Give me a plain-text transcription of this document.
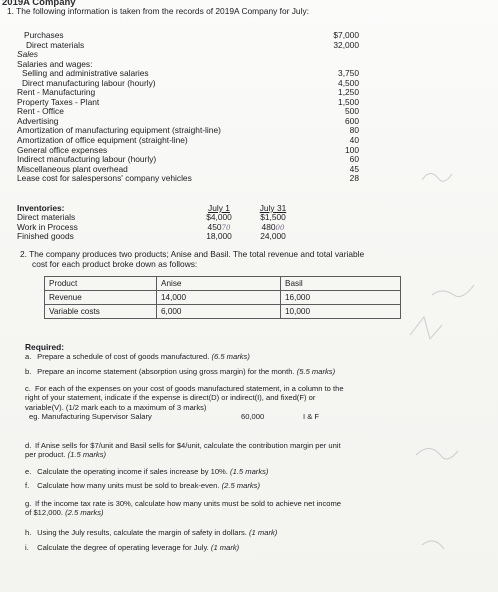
2019A Company
1. The following information is taken from the records of 2019A Company for July:
Purchases	$7,000
Direct materials	32,000
Sales
Salaries and wages:
Selling and administrative salaries	3,750
Direct manufacturing labour (hourly)	4,500
Rent - Manufacturing	1,250
Property Taxes - Plant	1,500
Rent - Office	500
Advertising	600
Amortization of manufacturing equipment (straight-line)	80
Amortization of office equipment (straight-line)	40
General office expenses	100
Indirect manufacturing labour (hourly)	60
Miscellaneous plant overhead	45
Lease cost for salespersons' company vehicles	28
Inventories:	July 1	July 31
Direct materials	$4,000	$1,500
Work in Process	45070	48000
Finished goods	18,000	24,000
2. The company produces two products; Anise and Basil. The total revenue and total variable
cost for each product broke down as follows:
Product	Anise	Basil
Revenue	14,000	16,000
Variable costs	6,000	10,000
Required:
a. Prepare a schedule of cost of goods manufactured. (6.5 marks)
b. Prepare an income statement (absorption using gross margin) for the month. (5.5 marks)
c. For each of the expenses on your cost of goods manufactured statement, in a column to the
right of your statement, indicate if the expense is direct(D) or indirect(I), and fixed(F) or
variable(V). (1/2 mark each to a maximum of 3 marks)
eg. Manufacturing Supervisor Salary	60,000	I & F
d. If Anise sells for $7/unit and Basil sells for $4/unit, calculate the contribution margin per unit
per product. (1.5 marks)
e. Calculate the operating income if sales increase by 10%. (1.5 marks)
f. Calculate how many units must be sold to break-even. (2.5 marks)
g. If the income tax rate is 30%, calculate how many units must be sold to achieve net income
of $12,000. (2.5 marks)
h. Using the July results, calculate the margin of safety in dollars. (1 mark)
i. Calculate the degree of operating leverage for July. (1 mark)
